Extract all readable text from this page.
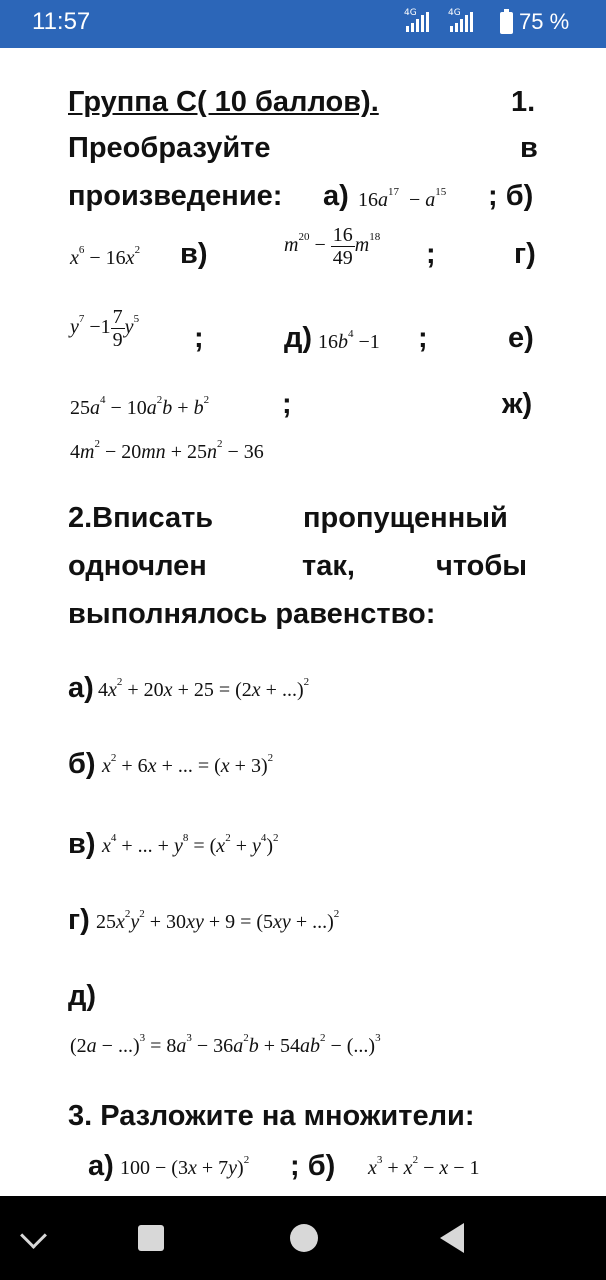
11:57	4G	4G	75 %
Группа С( 10 баллов).	1.
Преобразуйте	в
произведение: а) $16a^{17} - a^{15}$ ; б)
$x^6 - 16x^2$ в)	$m^{20} - \frac{16}{49} m^{18}$
;	г)
$y^7 -1 \frac{7}{9} y^5$
;	д) $16b^4 -1$ ;	е)
$25a^4 - 10a^2b + b^2$	;	ж)
$4m^2 - 20mn + 25n^2 - 36$
2.Вписать	пропущенный
одночлен	так,	чтобы
выполнялось равенство:
а) $4x^2 + 20x + 25 = (2x + ...)^2$
б) $x^2 + 6x$ + ... = $(x + 3)^2$
в) $x^4$ + ... + $y^8 = (x^2 + y^4)^2$
г) $25x^2y^2 + 30xy + 9 = (5xy + ...)^2$
д)
$(2a - ...)^3 = 8a^3 - 36a^2b + 54ab^2 - (...)^3$
3. Разложите на множители:
а) $100 - (3x + 7y)^2$ ; б) $x^3 + x^2 - x - 1$
